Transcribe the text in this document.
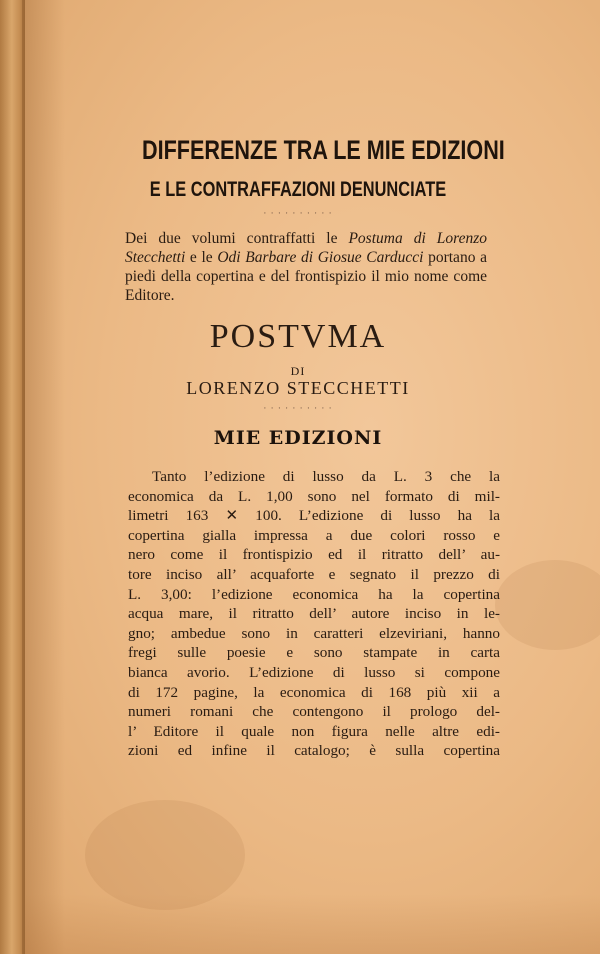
DIFFERENZE TRA LE MIE EDIZIONI
E LE CONTRAFFAZIONI DENUNCIATE
· · · · · · · · · ·
Dei due volumi contraffatti le Postuma di Lorenzo Stecchetti e le Odi Barbare di Giosue Carducci portano a piedi della copertina e del frontispizio il mio nome come Editore.
POSTVMA
DI
LORENZO STECCHETTI
· · · · · · · · · ·
MIE EDIZIONI
Tanto l’edizione di lusso da L. 3 che la
economica da L. 1,00 sono nel formato di mil-
limetri 163 ✕ 100. L’edizione di lusso ha la
copertina gialla impressa a due colori rosso e
nero come il frontispizio ed il ritratto dell’ au-
tore inciso all’ acquaforte e segnato il prezzo di
L. 3,00: l’edizione economica ha la copertina
acqua mare, il ritratto dell’ autore inciso in le-
gno; ambedue sono in caratteri elzeviriani, hanno
fregi sulle poesie e sono stampate in carta
bianca avorio. L’edizione di lusso si compone
di 172 pagine, la economica di 168 più xii a
numeri romani che contengono il prologo del-
l’ Editore il quale non figura nelle altre edi-
zioni ed infine il catalogo; è sulla copertina
